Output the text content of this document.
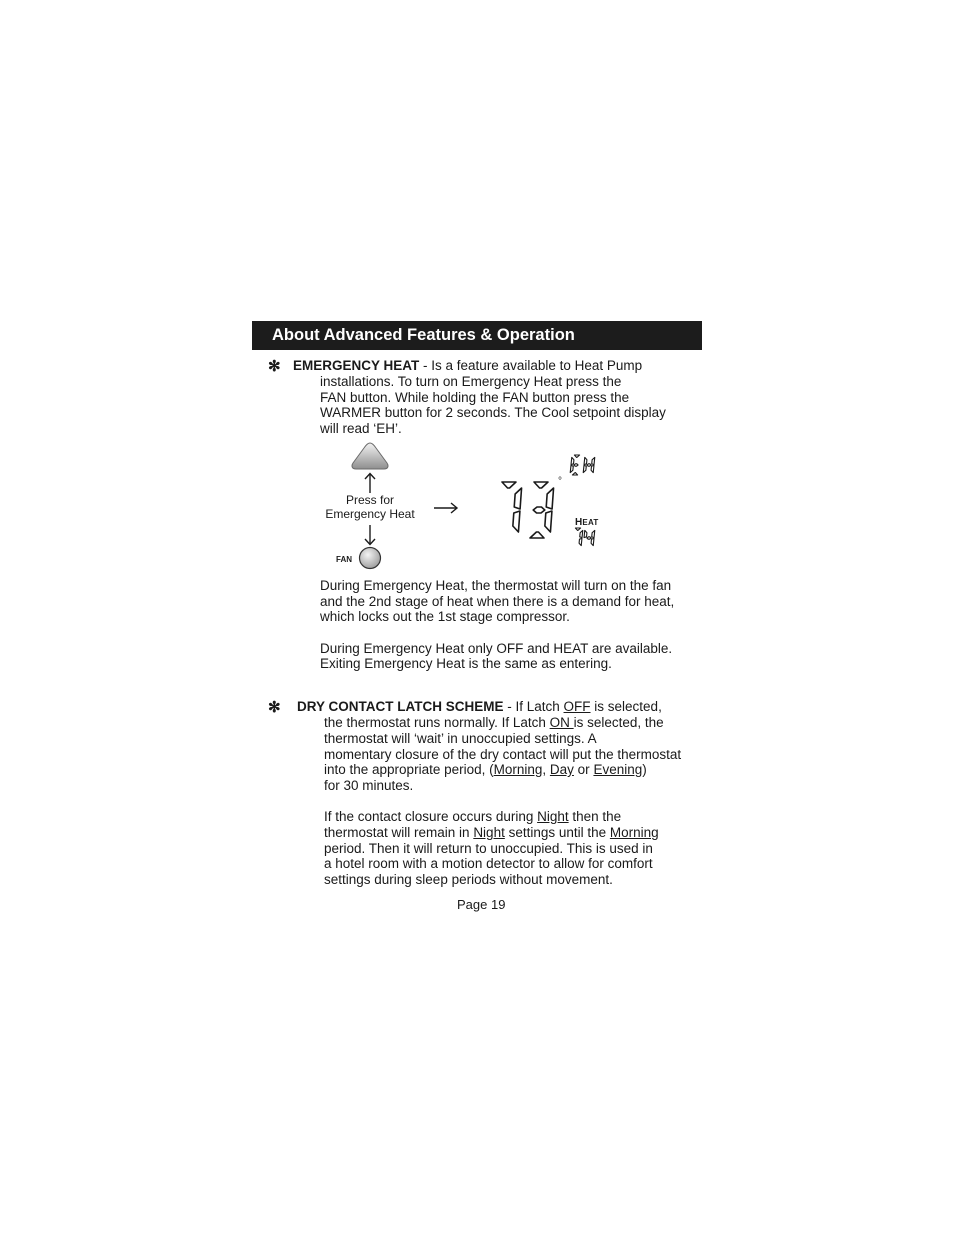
About Advanced Features & Operation
✻ EMERGENCY HEAT - Is a feature available to Heat Pump
installations. To turn on Emergency Heat press the
FAN button. While holding the FAN button press the
WARMER button for 2 seconds. The Cool setpoint display
will read ‘EH’.
Press for
Emergency Heat
FAN
73	°
EH
HEAT
74
During Emergency Heat, the thermostat will turn on the fan
and the 2nd stage of heat when there is a demand for heat,
which locks out the 1st stage compressor.
During Emergency Heat only OFF and HEAT are available.
Exiting Emergency Heat is the same as entering.
✻ DRY CONTACT LATCH SCHEME - If Latch OFF is selected,
the thermostat runs normally. If Latch ON is selected, the
thermostat will ‘wait’ in unoccupied settings. A
momentary closure of the dry contact will put the thermostat
into the appropriate period, (Morning, Day or Evening)
for 30 minutes.
If the contact closure occurs during Night then the
thermostat will remain in Night settings until the Morning
period. Then it will return to unoccupied. This is used in
a hotel room with a motion detector to allow for comfort
settings during sleep periods without movement.
Page 19
